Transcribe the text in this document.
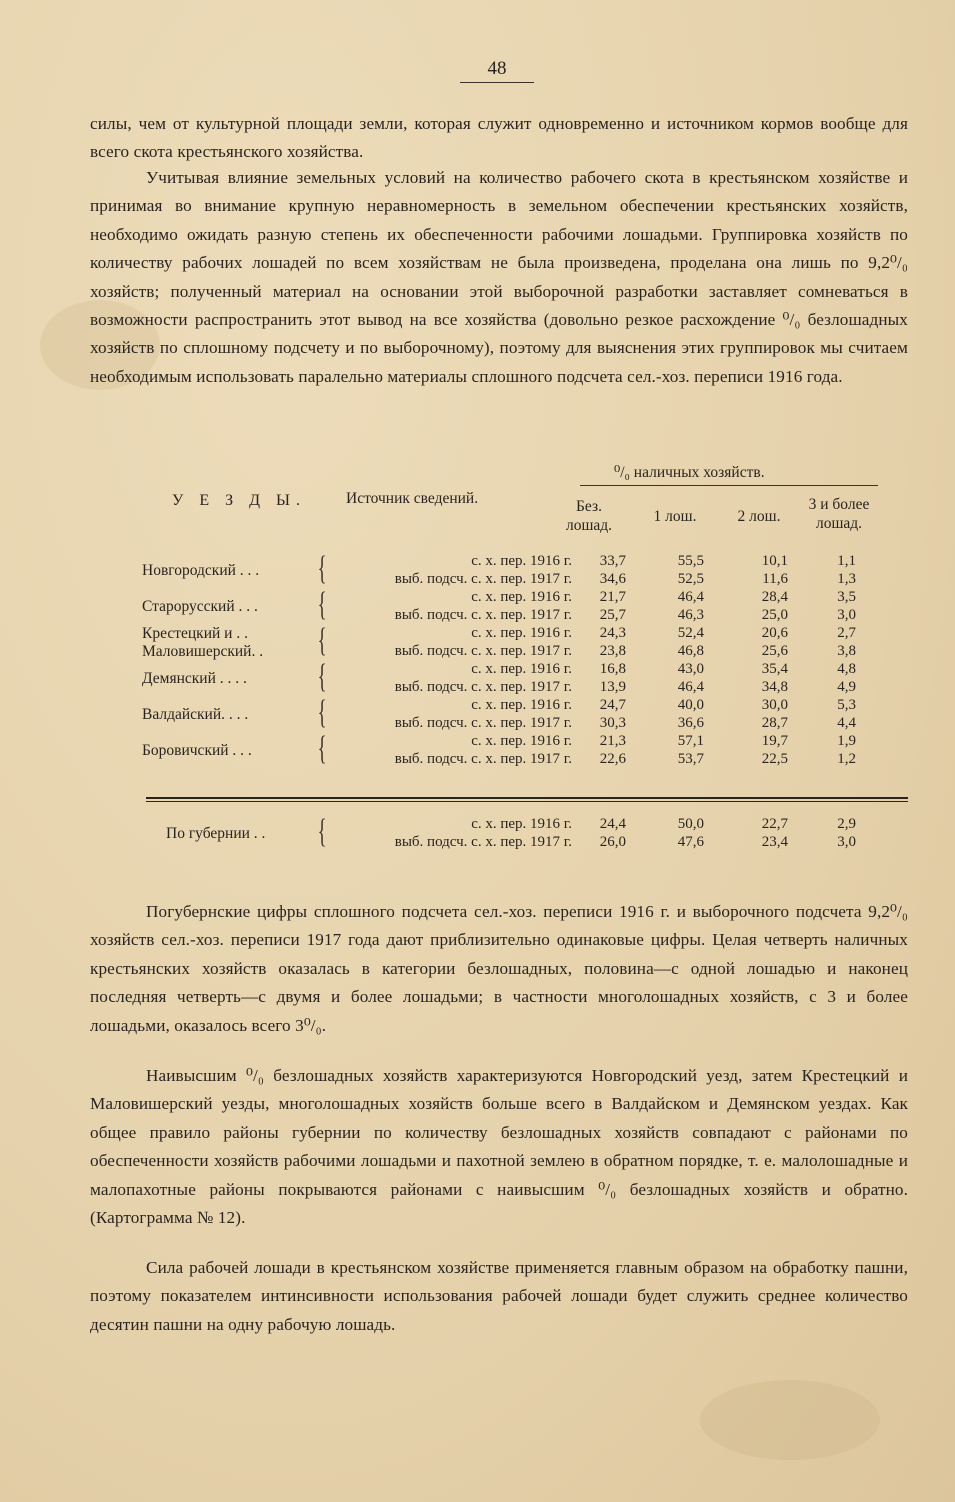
48
силы, чем от культурной площади земли, которая служит одновременно и источником кормов вообще для всего скота крестьянского хозяйства.
Учитывая влияние земельных условий на количество рабочего скота в крестьянском хозяйстве и принимая во внимание крупную неравномерность в земельном обеспечении крестьянских хозяйств, необходимо ожидать разную степень их обеспеченности рабочими лошадьми. Группировка хозяйств по количеству рабочих лошадей по всем хозяйствам не была произведена, проделана она лишь по 9,2⁰/₀ хозяйств; полученный материал на основании этой выборочной разработки заставляет сомневаться в возможности распространить этот вывод на все хозяйства (довольно резкое расхождение ⁰/₀ безлошадных хозяйств по сплошному подсчету и по выборочному), поэтому для выяснения этих группировок мы считаем необходимым использовать паралельно материалы сплошного подсчета сел.-хоз. перепиcи 1916 года.
У Е З Д Ы.	Источник сведений.
⁰/₀ наличных хозяйств.
Без.
лошад.
1 лош.	2 лош.
3 и более
лошад.
Новгородский . . . {	с. х. пер. 1916 г.	33,7	55,5	10,1	1,1
выб. подсч. с. х. пер. 1917 г.	34,6	52,5	11,6	1,3
Старорусский . . . {	с. х. пер. 1916 г.	21,7	46,4	28,4	3,5
выб. подсч. с. х. пер. 1917 г.	25,7	46,3	25,0	3,0
Крестецкий и . .
Маловишерский. . {	с. х. пер. 1916 г.	24,3	52,4	20,6	2,7
выб. подсч. с. х. пер. 1917 г.	23,8	46,8	25,6	3,8
Демянский . . . . {	с. х. пер. 1916 г.	16,8	43,0	35,4	4,8
выб. подсч. с. х. пер. 1917 г.	13,9	46,4	34,8	4,9
Валдайский. . . . {	с. х. пер. 1916 г.	24,7	40,0	30,0	5,3
выб. подсч. с. х. пер. 1917 г.	30,3	36,6	28,7	4,4
Боровичский . . . {	с. х. пер. 1916 г.	21,3	57,1	19,7	1,9
выб. подсч. с. х. пер. 1917 г.	22,6	53,7	22,5	1,2
По губернии . . {	с. х. пер. 1916 г.	24,4	50,0	22,7	2,9
выб. подсч. с. х. пер. 1917 г.	26,0	47,6	23,4	3,0
Погубернские цифры сплошного подсчета сел.-хоз. переписи 1916 г. и выборочного подсчета 9,2⁰/₀ хозяйств сел.-хоз. переписи 1917 года дают приблизительно одинаковые цифры. Целая четверть наличных крестьянских хозяйств оказалась в категории безлошадных, половина—с одной лошадью и наконец последняя четверть—с двумя и более лошадьми; в частности многолошадных хозяйств, с 3 и более лошадьми, оказалось всего 3⁰/₀.
Наивысшим ⁰/₀ безлошадных хозяйств характеризуются Новгородский уезд, затем Крестецкий и Маловишерский уезды, многолошадных хозяйств больше всего в Валдайском и Демянском уездах. Как общее правило районы губернии по количеству безлошадных хозяйств совпадают с районами по обеспеченности хозяйств рабочими лошадьми и пахотной землею в обратном порядке, т. е. малолошадные и малопахотные районы покрываются районами с наивысшим ⁰/₀ безлошадных хозяйств и обратно. (Картограмма № 12).
Сила рабочей лошади в крестьянском хозяйстве применяется главным образом на обработку пашни, поэтому показателем интинсивности использования рабочей лошади будет служить среднее количество десятин пашни на одну рабочую лошадь.
